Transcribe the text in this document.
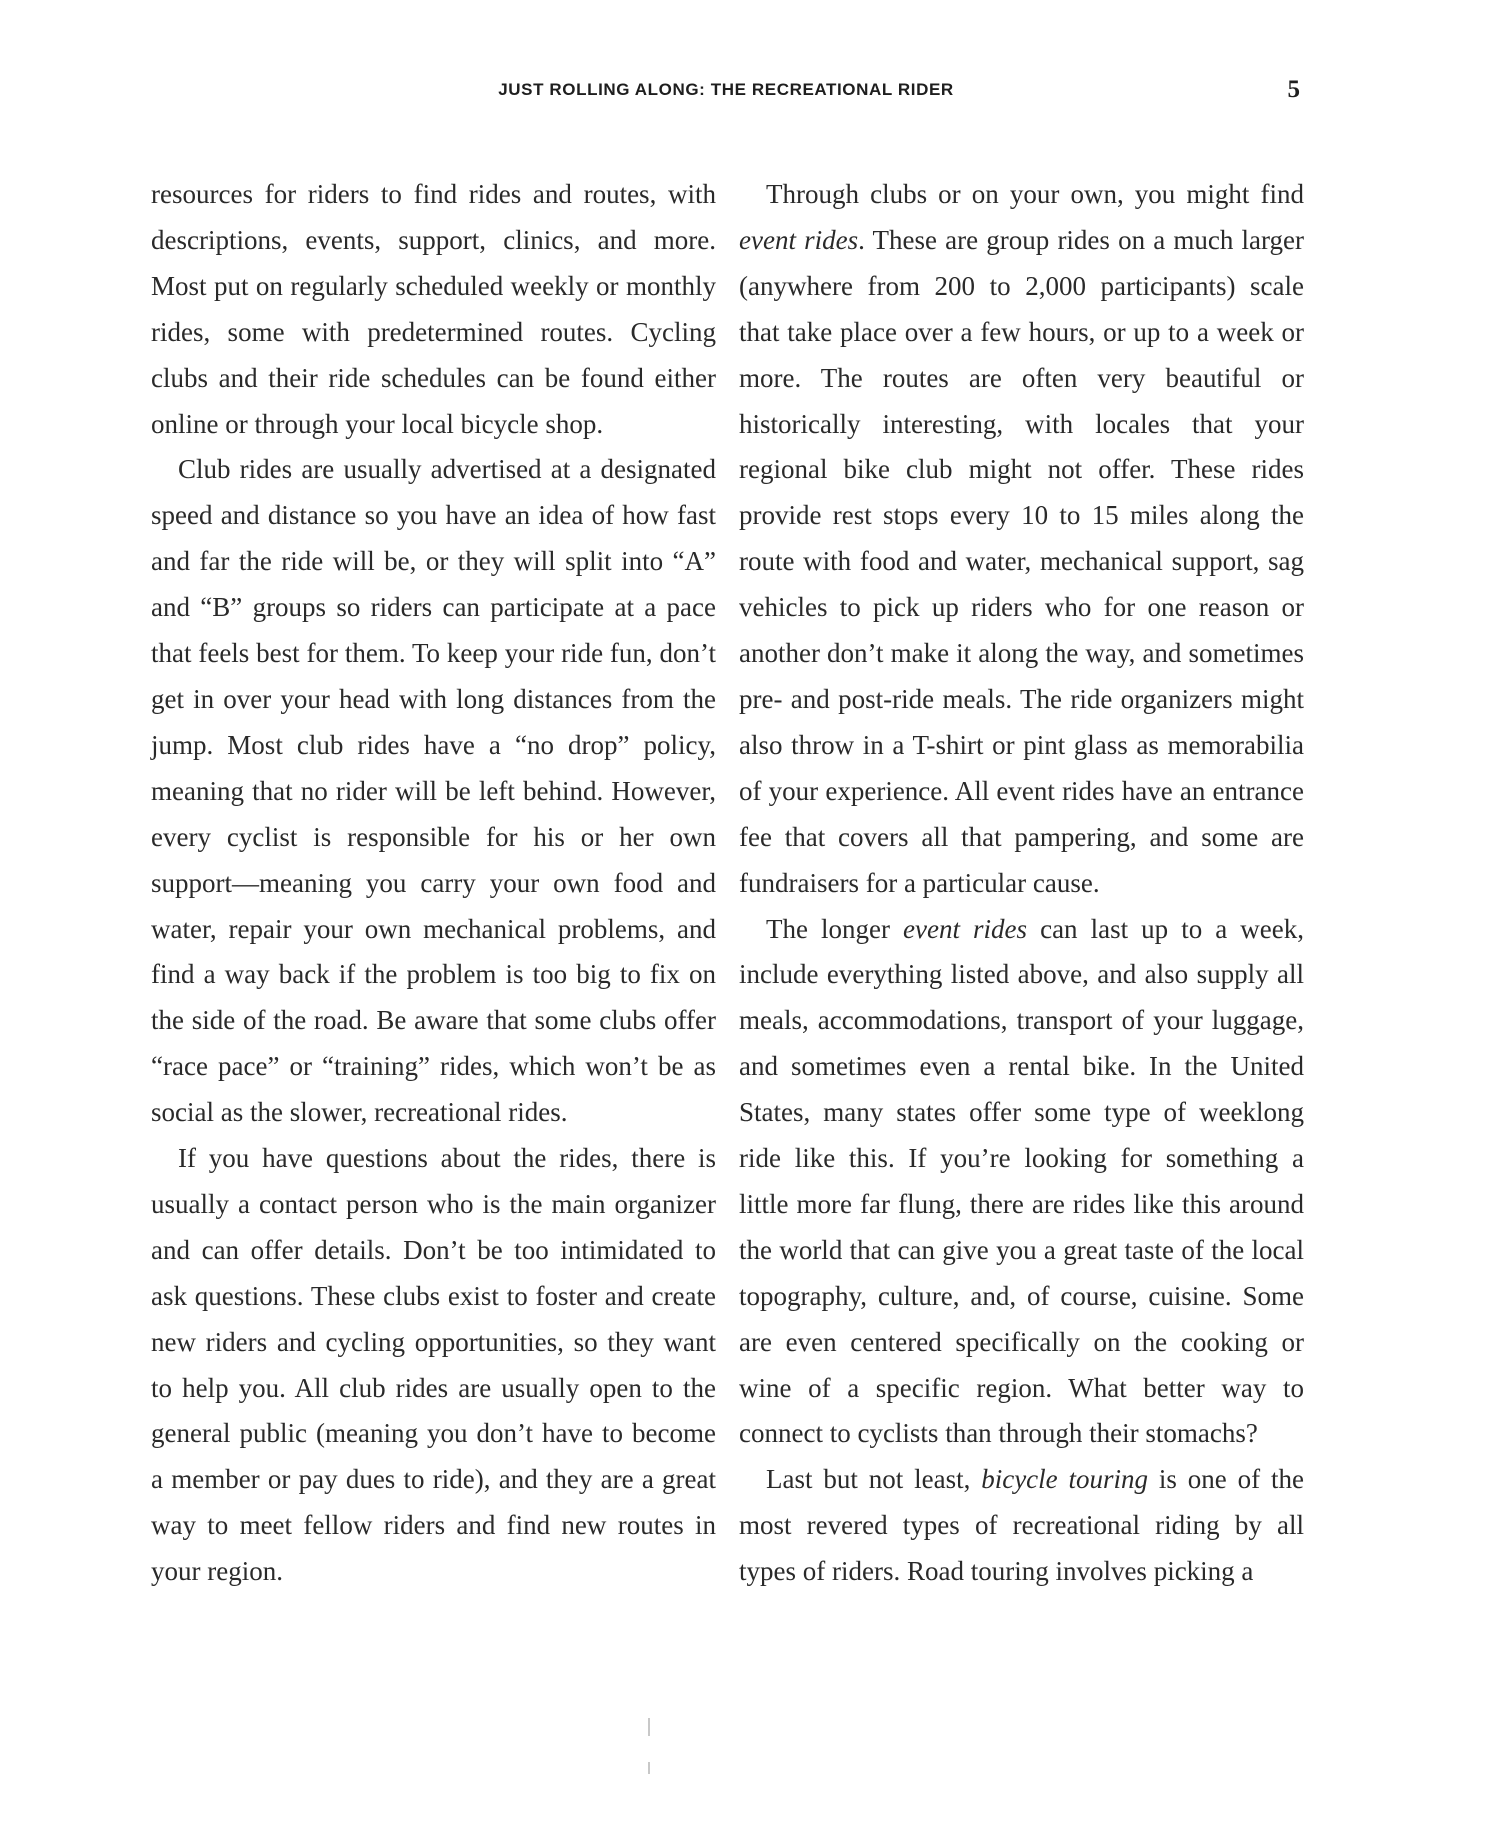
JUST ROLLING ALONG: THE RECREATIONAL RIDER	5

resources for riders to find rides and routes, with descriptions, events, support, clinics, and more. Most put on regularly scheduled weekly or monthly rides, some with predetermined routes. Cycling clubs and their ride schedules can be found either online or through your local bicycle shop.

Club rides are usually advertised at a designated speed and distance so you have an idea of how fast and far the ride will be, or they will split into “A” and “B” groups so riders can participate at a pace that feels best for them. To keep your ride fun, don’t get in over your head with long distances from the jump. Most club rides have a “no drop” policy, meaning that no rider will be left behind. However, every cyclist is responsible for his or her own support—meaning you carry your own food and water, repair your own mechanical problems, and find a way back if the problem is too big to fix on the side of the road. Be aware that some clubs offer “race pace” or “training” rides, which won’t be as social as the slower, recreational rides.

If you have questions about the rides, there is usually a contact person who is the main organizer and can offer details. Don’t be too intimidated to ask questions. These clubs exist to foster and create new riders and cycling opportunities, so they want to help you. All club rides are usually open to the general public (meaning you don’t have to become a member or pay dues to ride), and they are a great way to meet fellow riders and find new routes in your region.

Through clubs or on your own, you might find event rides. These are group rides on a much larger (anywhere from 200 to 2,000 participants) scale that take place over a few hours, or up to a week or more. The routes are often very beautiful or historically interesting, with locales that your regional bike club might not offer. These rides provide rest stops every 10 to 15 miles along the route with food and water, mechanical support, sag vehicles to pick up riders who for one reason or another don’t make it along the way, and sometimes pre- and post-ride meals. The ride organizers might also throw in a T-shirt or pint glass as memorabilia of your experience. All event rides have an entrance fee that covers all that pampering, and some are fundraisers for a particular cause.

The longer event rides can last up to a week, include everything listed above, and also supply all meals, accommodations, transport of your luggage, and sometimes even a rental bike. In the United States, many states offer some type of weeklong ride like this. If you’re looking for something a little more far flung, there are rides like this around the world that can give you a great taste of the local topography, culture, and, of course, cuisine. Some are even centered specifically on the cooking or wine of a specific region. What better way to connect to cyclists than through their stomachs?

Last but not least, bicycle touring is one of the most revered types of recreational riding by all types of riders. Road touring involves picking a
